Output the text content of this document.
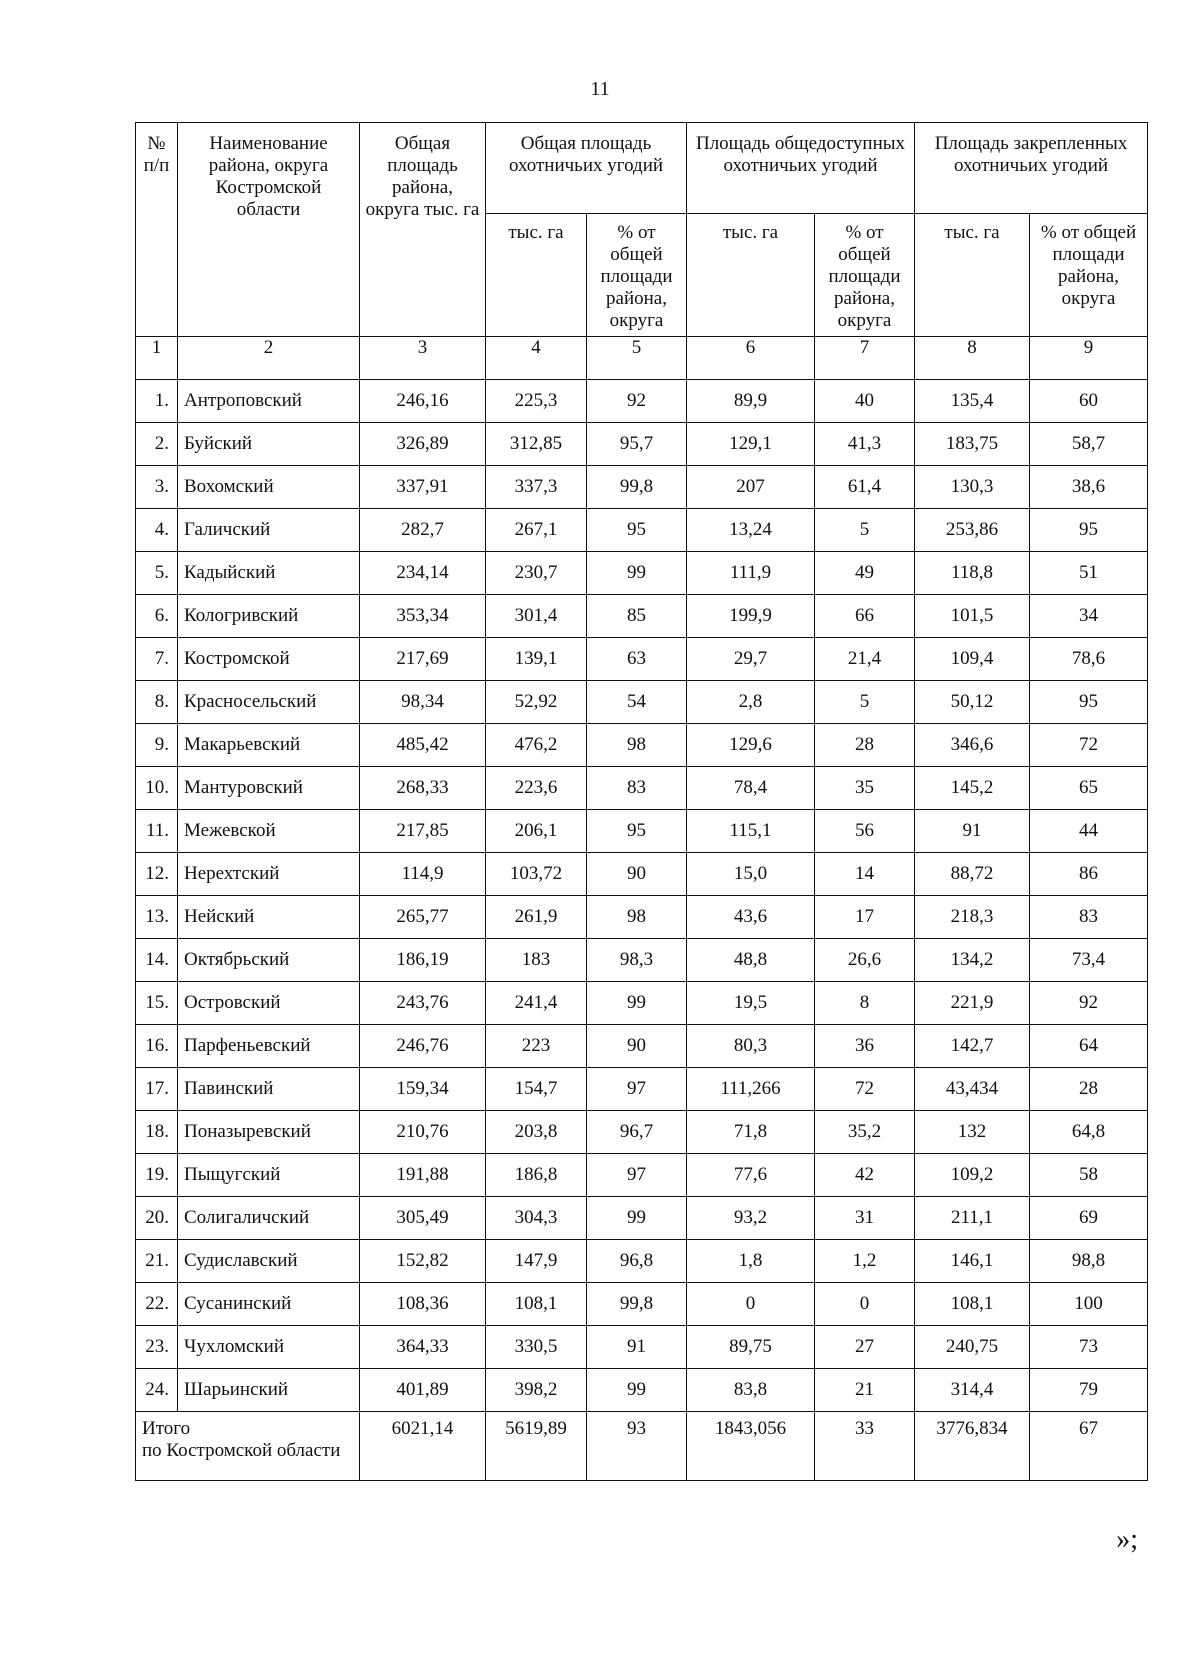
11
№ п/п	Наименование района, округа Костромской области	Общая площадь района, округа тыс. га	Общая площадь охотничьих угодий		Площадь общедоступных охотничьих угодий		Площадь закрепленных охотничьих угодий	
			тыс. га	% от общей площади района, округа	тыс. га	% от общей площади района, округа	тыс. га	% от общей площади района, округа
1	2	3	4	5	6	7	8	9
1.	Антроповский	246,16	225,3	92	89,9	40	135,4	60
2.	Буйский	326,89	312,85	95,7	129,1	41,3	183,75	58,7
3.	Вохомский	337,91	337,3	99,8	207	61,4	130,3	38,6
4.	Галичский	282,7	267,1	95	13,24	5	253,86	95
5.	Кадыйский	234,14	230,7	99	111,9	49	118,8	51
6.	Кологривский	353,34	301,4	85	199,9	66	101,5	34
7.	Костромской	217,69	139,1	63	29,7	21,4	109,4	78,6
8.	Красносельский	98,34	52,92	54	2,8	5	50,12	95
9.	Макарьевский	485,42	476,2	98	129,6	28	346,6	72
10.	Мантуровский	268,33	223,6	83	78,4	35	145,2	65
11.	Межевской	217,85	206,1	95	115,1	56	91	44
12.	Нерехтский	114,9	103,72	90	15,0	14	88,72	86
13.	Нейский	265,77	261,9	98	43,6	17	218,3	83
14.	Октябрьский	186,19	183	98,3	48,8	26,6	134,2	73,4
15.	Островский	243,76	241,4	99	19,5	8	221,9	92
16.	Парфеньевский	246,76	223	90	80,3	36	142,7	64
17.	Павинский	159,34	154,7	97	111,266	72	43,434	28
18.	Поназыревский	210,76	203,8	96,7	71,8	35,2	132	64,8
19.	Пыщугский	191,88	186,8	97	77,6	42	109,2	58
20.	Солигаличский	305,49	304,3	99	93,2	31	211,1	69
21.	Судиславский	152,82	147,9	96,8	1,8	1,2	146,1	98,8
22.	Сусанинский	108,36	108,1	99,8	0	0	108,1	100
23.	Чухломский	364,33	330,5	91	89,75	27	240,75	73
24.	Шарьинский	401,89	398,2	99	83,8	21	314,4	79
Итого
по Костромской области		6021,14	5619,89	93	1843,056	33	3776,834	67
»;
